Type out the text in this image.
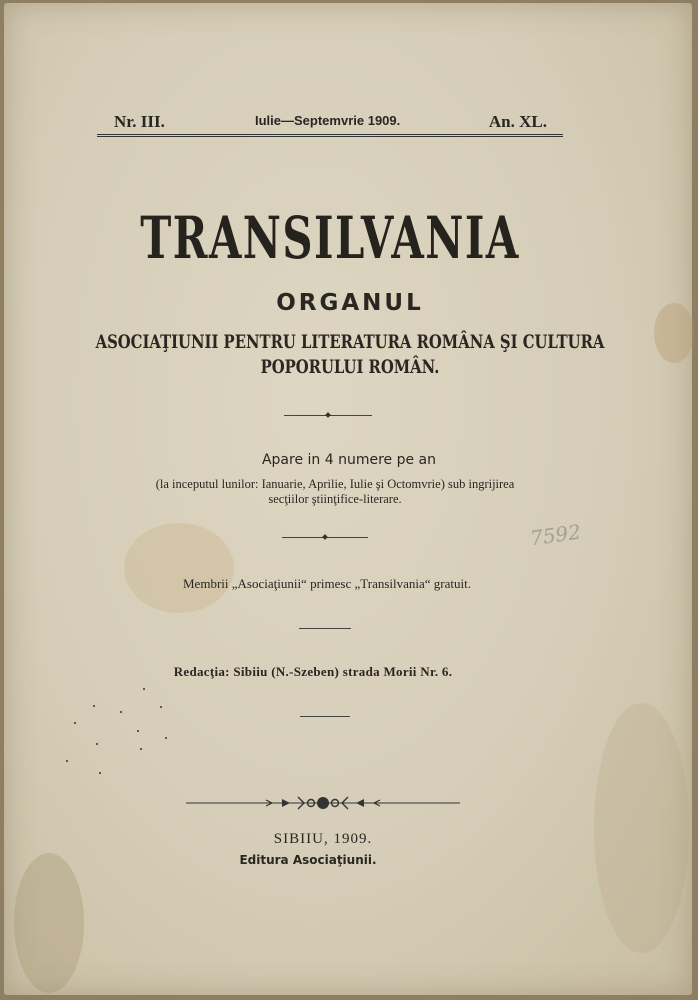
Nr. III.	Iulie—Septemvrie 1909.	An. XL.
TRANSILVANIA
ORGANUL
ASOCIAŢIUNII PENTRU LITERATURA ROMÂNA ŞI CULTURA
POPORULUI ROMÂN.
Apare in 4 numere pe an
(la inceputul lunilor: Ianuarie, Aprilie, Iulie şi Octomvrie) sub ingrijirea
secţiilor ştiinţifice-literare.
7592
Membrii „Asociaţiunii“ primesc „Transilvania“ gratuit.
Redacţia: Sibiiu (N.-Szeben) strada Morii Nr. 6.
SIBIIU, 1909.
Editura Asociaţiunii.
